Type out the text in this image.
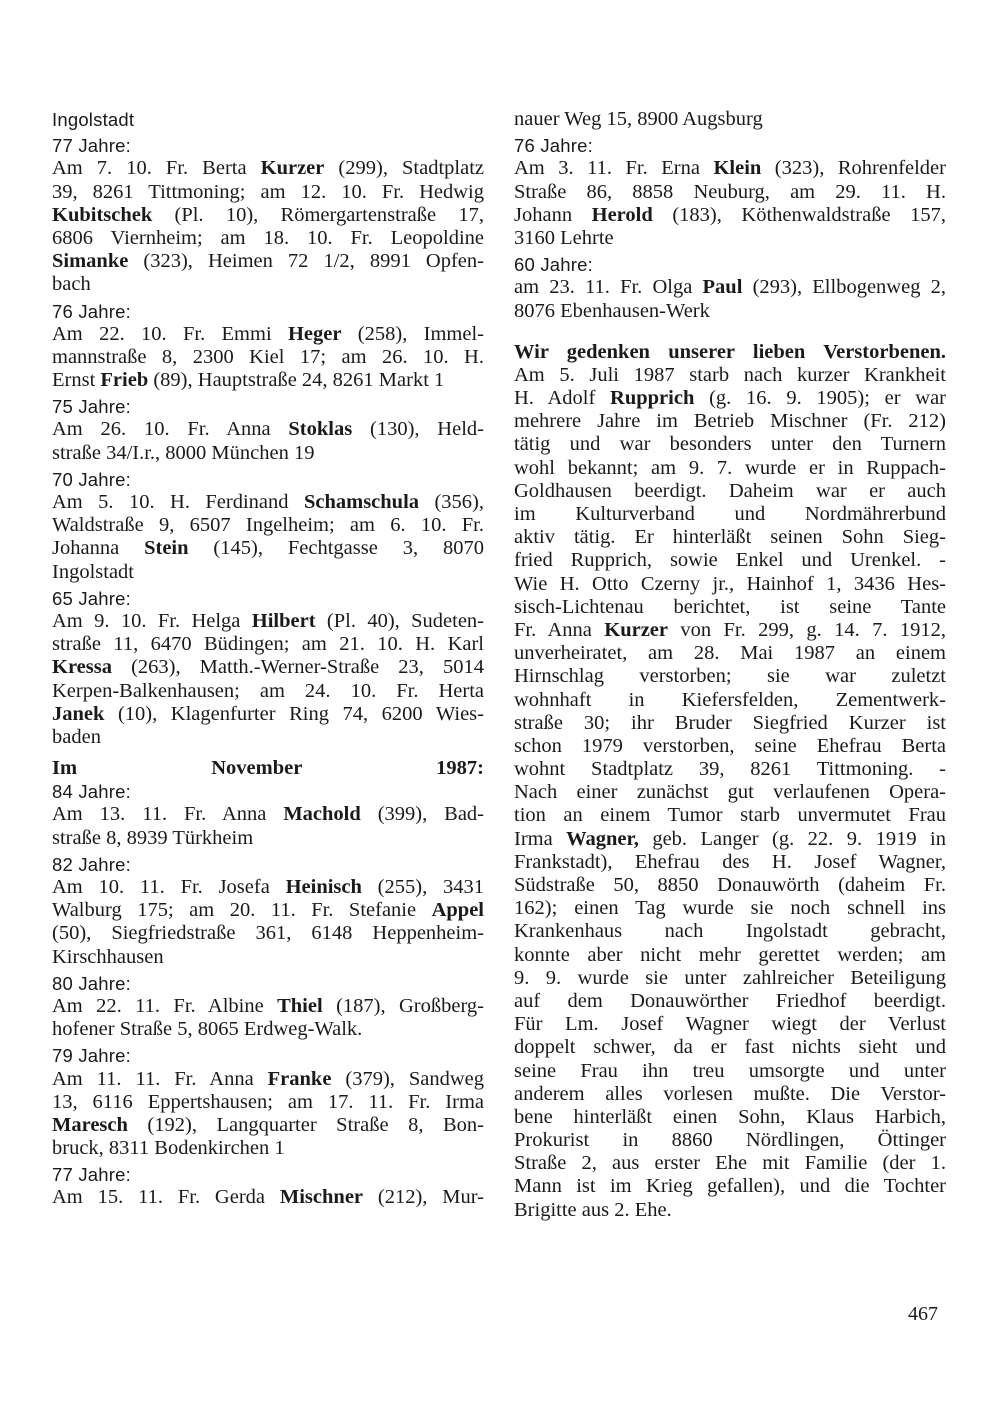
Ingolstadt
77 Jahre:
Am 7. 10. Fr. Berta Kurzer (299), Stadtplatz
39, 8261 Tittmoning; am 12. 10. Fr. Hedwig
Kubitschek (Pl. 10), Römergartenstraße 17,
6806 Viernheim; am 18. 10. Fr. Leopoldine
Simanke (323), Heimen 72 1/2, 8991 Opfen-
bach
76 Jahre:
Am 22. 10. Fr. Emmi Heger (258), Immel-
mannstraße 8, 2300 Kiel 17; am 26. 10. H.
Ernst Frieb (89), Hauptstraße 24, 8261 Markt 1
75 Jahre:
Am 26. 10. Fr. Anna Stoklas (130), Held-
straße 34/I.r., 8000 München 19
70 Jahre:
Am 5. 10. H. Ferdinand Schamschula (356),
Waldstraße 9, 6507 Ingelheim; am 6. 10. Fr.
Johanna Stein (145), Fechtgasse 3, 8070
Ingolstadt
65 Jahre:
Am 9. 10. Fr. Helga Hilbert (Pl. 40), Sudeten-
straße 11, 6470 Büdingen; am 21. 10. H. Karl
Kressa (263), Matth.-Werner-Straße 23, 5014
Kerpen-Balkenhausen; am 24. 10. Fr. Herta
Janek (10), Klagenfurter Ring 74, 6200 Wies-
baden
Im November 1987:
84 Jahre:
Am 13. 11. Fr. Anna Machold (399), Bad-
straße 8, 8939 Türkheim
82 Jahre:
Am 10. 11. Fr. Josefa Heinisch (255), 3431
Walburg 175; am 20. 11. Fr. Stefanie Appel
(50), Siegfriedstraße 361, 6148 Heppenheim-
Kirschhausen
80 Jahre:
Am 22. 11. Fr. Albine Thiel (187), Großberg-
hofener Straße 5, 8065 Erdweg-Walk.
79 Jahre:
Am 11. 11. Fr. Anna Franke (379), Sandweg
13, 6116 Eppertshausen; am 17. 11. Fr. Irma
Maresch (192), Langquarter Straße 8, Bon-
bruck, 8311 Bodenkirchen 1
77 Jahre:
Am 15. 11. Fr. Gerda Mischner (212), Mur-
nauer Weg 15, 8900 Augsburg
76 Jahre:
Am 3. 11. Fr. Erna Klein (323), Rohrenfelder
Straße 86, 8858 Neuburg, am 29. 11. H.
Johann Herold (183), Köthenwaldstraße 157,
3160 Lehrte
60 Jahre:
am 23. 11. Fr. Olga Paul (293), Ellbogenweg 2,
8076 Ebenhausen-Werk
Wir gedenken unserer lieben Verstorbenen.
Am 5. Juli 1987 starb nach kurzer Krankheit
H. Adolf Rupprich (g. 16. 9. 1905); er war
mehrere Jahre im Betrieb Mischner (Fr. 212)
tätig und war besonders unter den Turnern
wohl bekannt; am 9. 7. wurde er in Ruppach-
Goldhausen beerdigt. Daheim war er auch
im Kulturverband und Nordmährerbund
aktiv tätig. Er hinterläßt seinen Sohn Sieg-
fried Rupprich, sowie Enkel und Urenkel. -
Wie H. Otto Czerny jr., Hainhof 1, 3436 Hes-
sisch-Lichtenau berichtet, ist seine Tante
Fr. Anna Kurzer von Fr. 299, g. 14. 7. 1912,
unverheiratet, am 28. Mai 1987 an einem
Hirnschlag verstorben; sie war zuletzt
wohnhaft in Kiefersfelden, Zementwerk-
straße 30; ihr Bruder Siegfried Kurzer ist
schon 1979 verstorben, seine Ehefrau Berta
wohnt Stadtplatz 39, 8261 Tittmoning. -
Nach einer zunächst gut verlaufenen Opera-
tion an einem Tumor starb unvermutet Frau
Irma Wagner, geb. Langer (g. 22. 9. 1919 in
Frankstadt), Ehefrau des H. Josef Wagner,
Südstraße 50, 8850 Donauwörth (daheim Fr.
162); einen Tag wurde sie noch schnell ins
Krankenhaus nach Ingolstadt gebracht,
konnte aber nicht mehr gerettet werden; am
9. 9. wurde sie unter zahlreicher Beteiligung
auf dem Donauwörther Friedhof beerdigt.
Für Lm. Josef Wagner wiegt der Verlust
doppelt schwer, da er fast nichts sieht und
seine Frau ihn treu umsorgte und unter
anderem alles vorlesen mußte. Die Verstor-
bene hinterläßt einen Sohn, Klaus Harbich,
Prokurist in 8860 Nördlingen, Öttinger
Straße 2, aus erster Ehe mit Familie (der 1.
Mann ist im Krieg gefallen), und die Tochter
Brigitte aus 2. Ehe.
467
